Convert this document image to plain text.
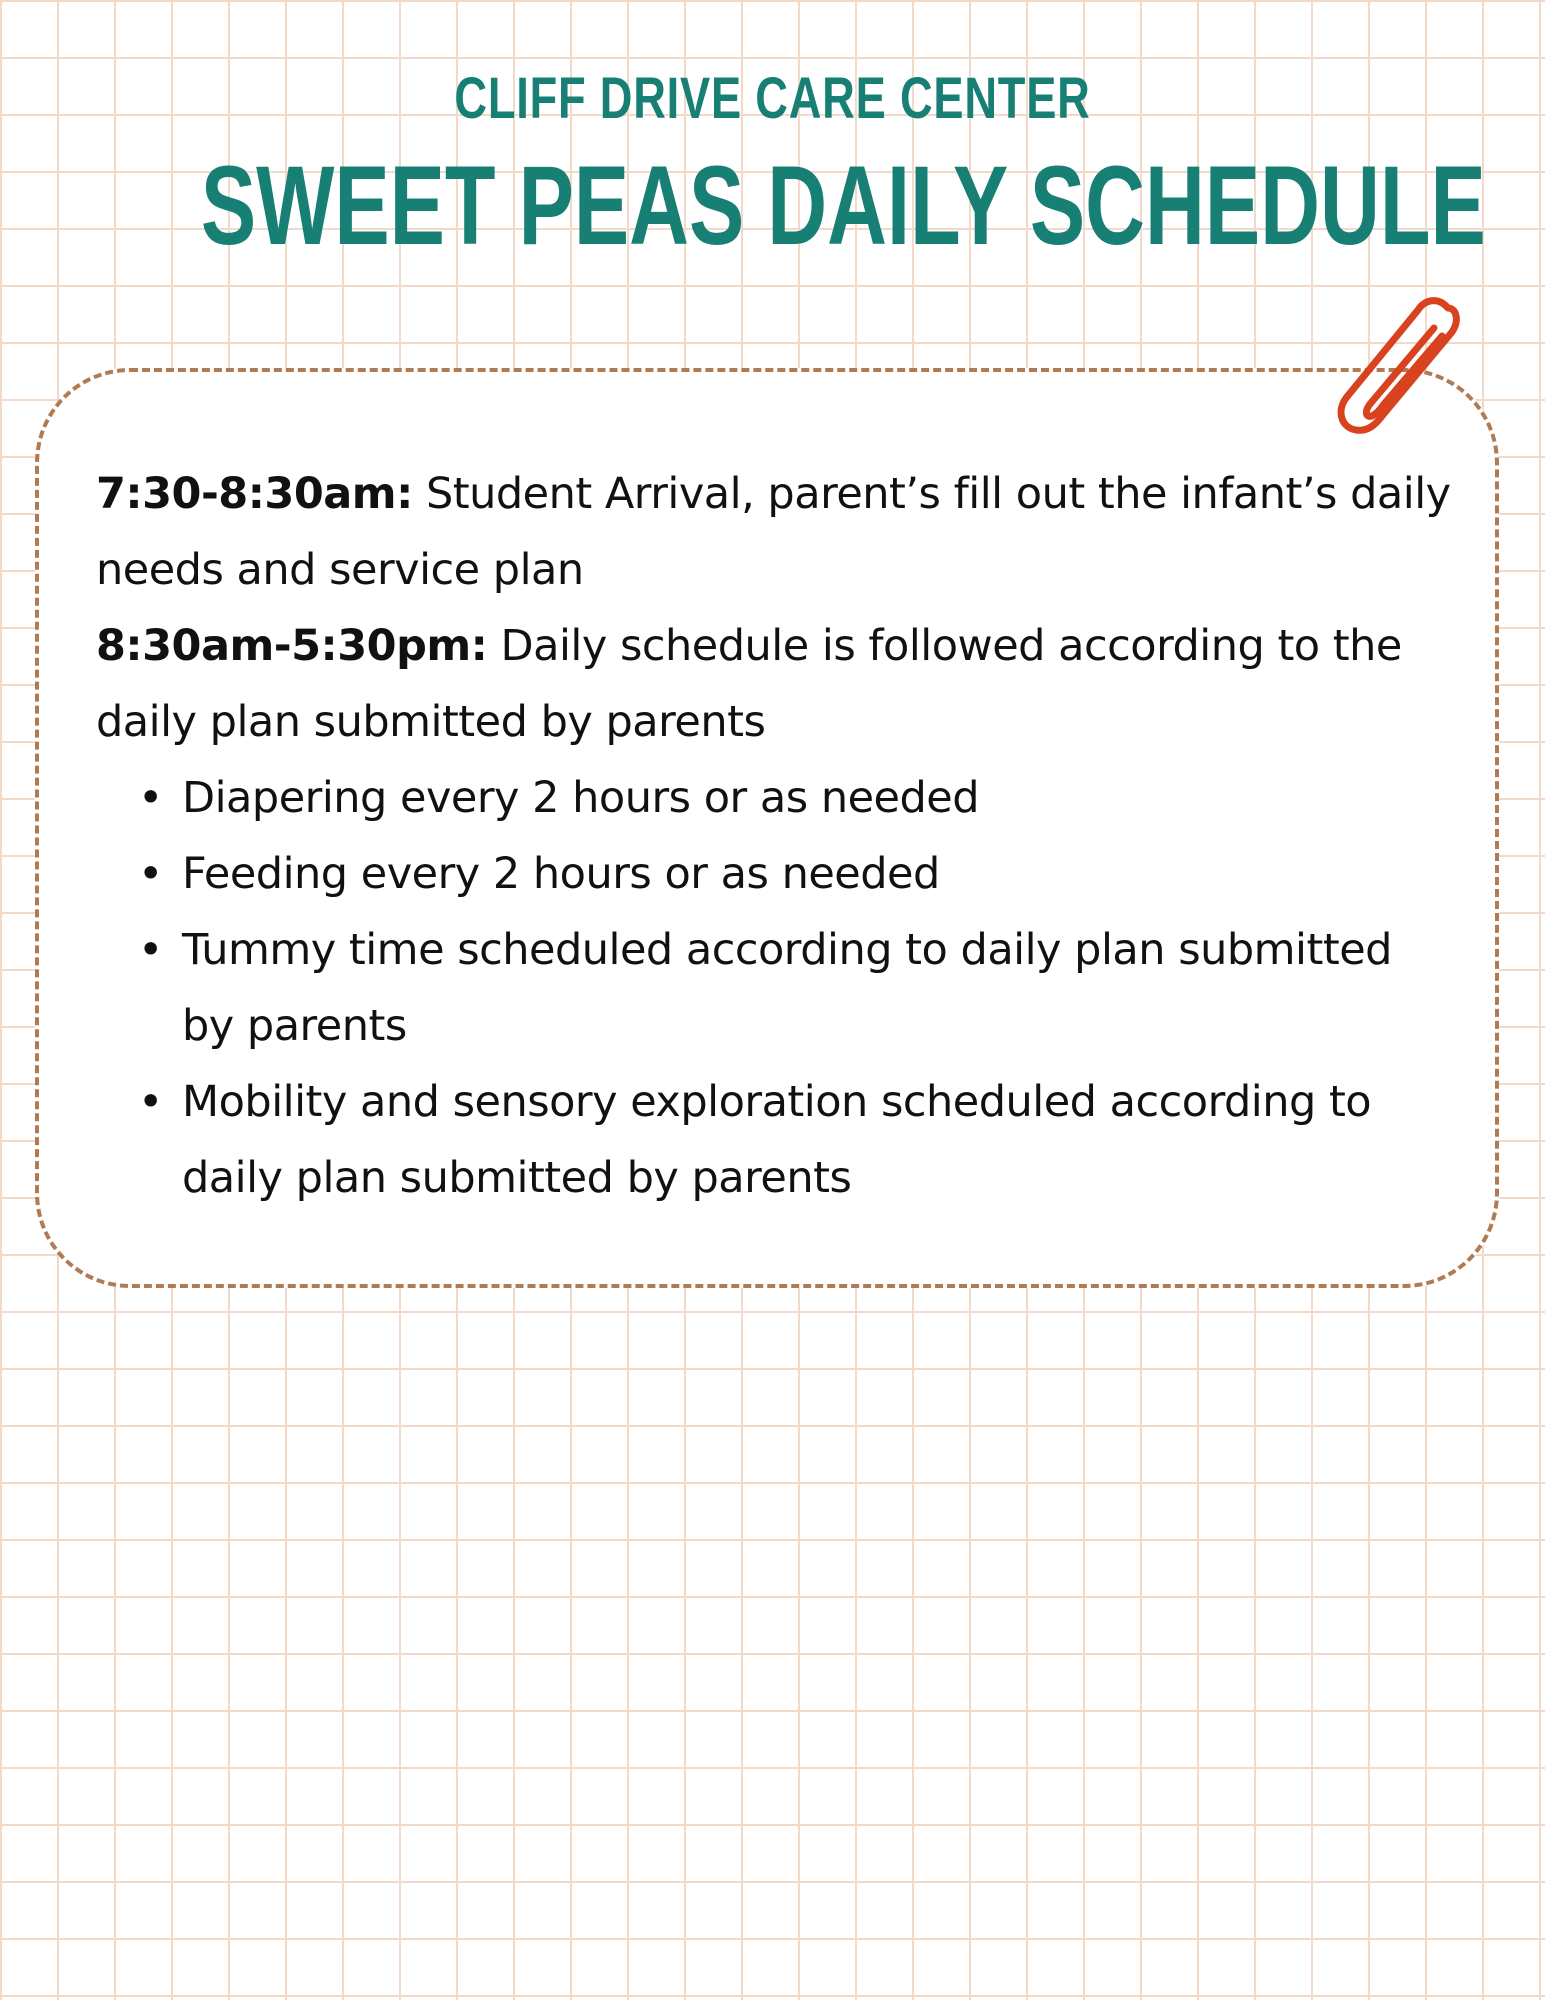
CLIFF DRIVE CARE CENTER
SWEET PEAS DAILY SCHEDULE

7:30-8:30am: Student Arrival, parent’s fill out the infant’s daily needs and service plan

8:30am-5:30pm: Daily schedule is followed according to the daily plan submitted by parents

• Diapering every 2 hours or as needed
• Feeding every 2 hours or as needed
• Tummy time scheduled according to daily plan submitted by parents
• Mobility and sensory exploration scheduled according to daily plan submitted by parents
